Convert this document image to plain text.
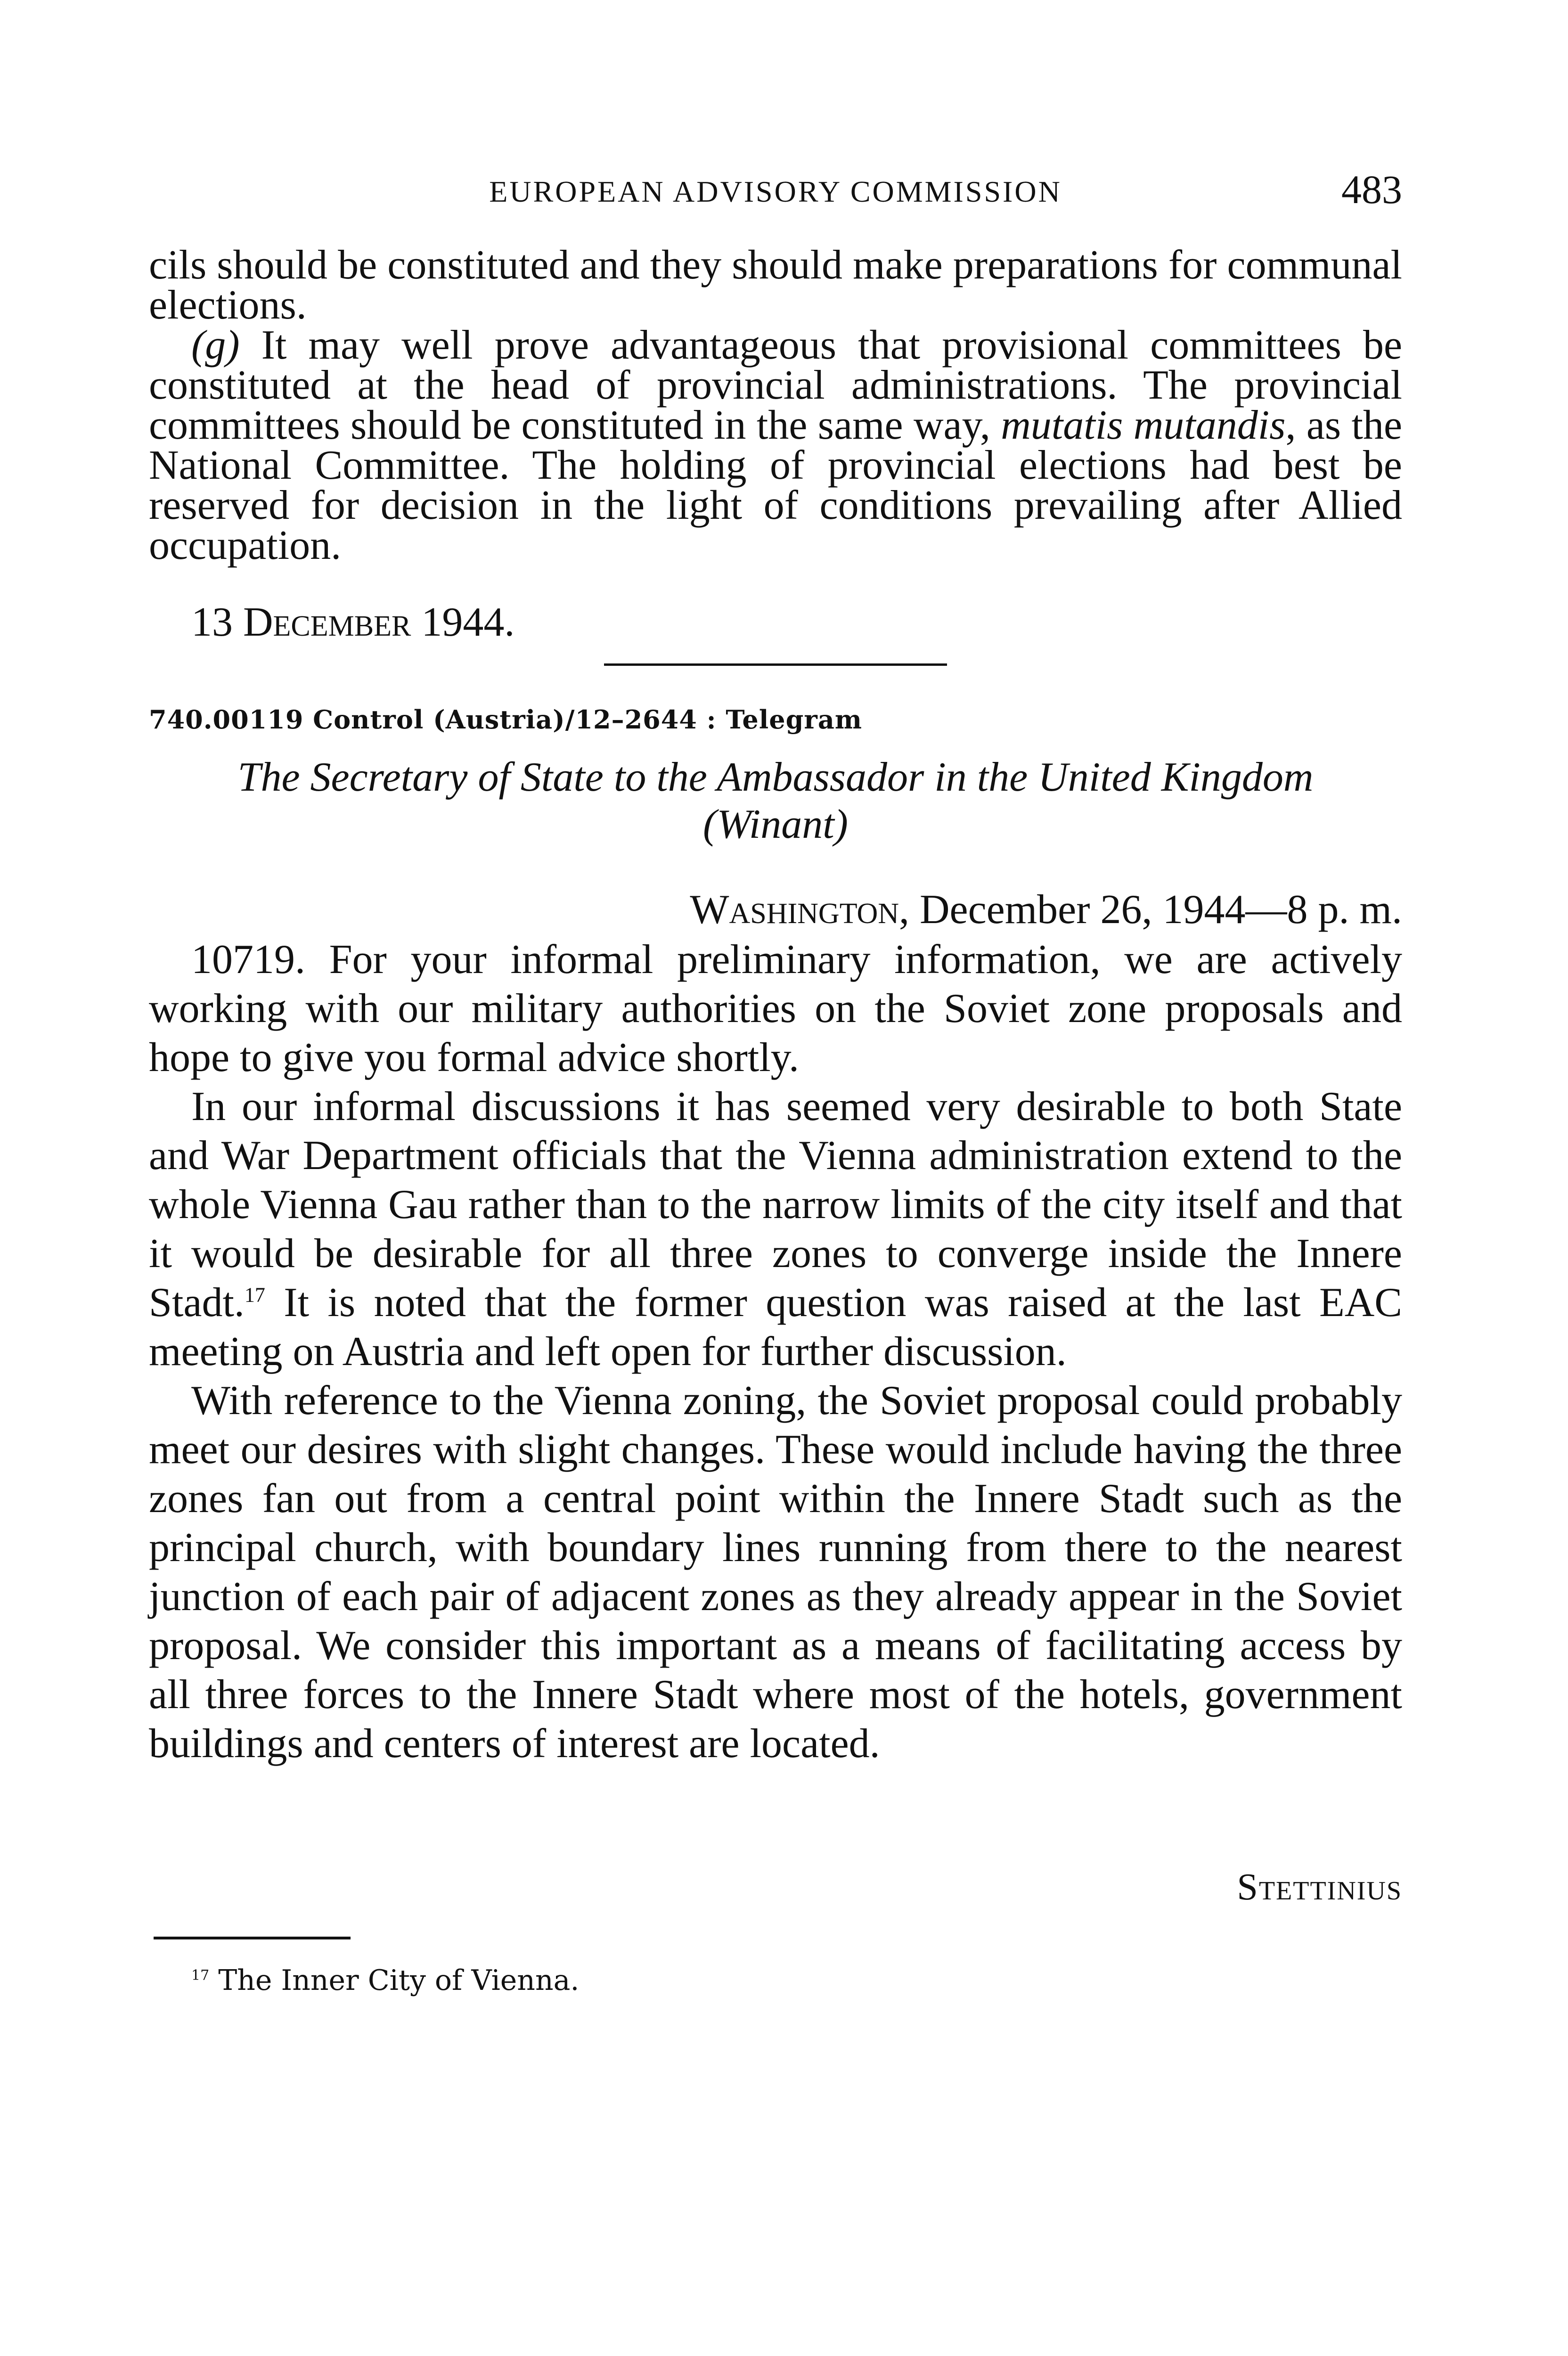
EUROPEAN ADVISORY COMMISSION	483

cils should be constituted and they should make preparations for communal elections.

(g) It may well prove advantageous that provisional committees be constituted at the head of provincial administrations. The provincial committees should be constituted in the same way, mutatis mutandis, as the National Committee. The holding of provincial elections had best be reserved for decision in the light of conditions prevailing after Allied occupation.

13 December 1944.
740.00119 Control (Austria)/12–2644 : Telegram
The Secretary of State to the Ambassador in the United Kingdom
(Winant)
Washington, December 26, 1944—8 p. m.

10719. For your informal preliminary information, we are actively working with our military authorities on the Soviet zone proposals and hope to give you formal advice shortly.

In our informal discussions it has seemed very desirable to both State and War Department officials that the Vienna administration extend to the whole Vienna Gau rather than to the narrow limits of the city itself and that it would be desirable for all three zones to converge inside the Innere Stadt.$^{17}$ It is noted that the former question was raised at the last EAC meeting on Austria and left open for further discussion.

With reference to the Vienna zoning, the Soviet proposal could probably meet our desires with slight changes. These would include having the three zones fan out from a central point within the Innere Stadt such as the principal church, with boundary lines running from there to the nearest junction of each pair of adjacent zones as they already appear in the Soviet proposal. We consider this important as a means of facilitating access by all three forces to the Innere Stadt where most of the hotels, government buildings and centers of interest are located.

Stettinius
$^{17}$ The Inner City of Vienna.
